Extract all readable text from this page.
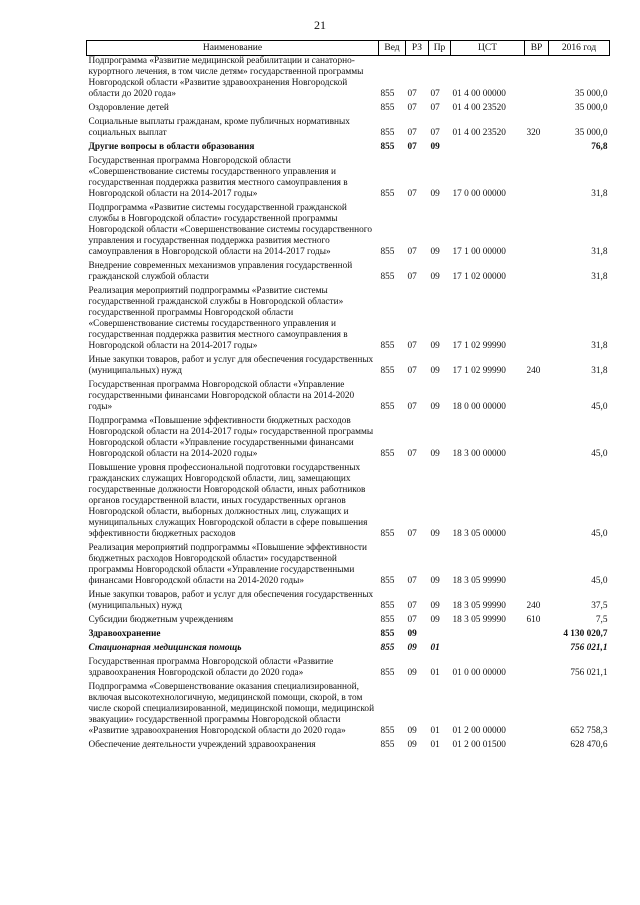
21
Наименование	Вед	РЗ	Пр	ЦСТ	ВР	2016 год
Подпрограмма «Развитие медицинской реабилитации и санаторно-курортного лечения, в том числе детям» государственной программы Новгородской области «Развитие здравоохранения Новгородской области до 2020 года»	855	07	07	01 4 00 00000		35 000,0
Оздоровление детей	855	07	07	01 4 00 23520		35 000,0
Социальные выплаты гражданам, кроме публичных нормативных социальных выплат	855	07	07	01 4 00 23520	320	35 000,0
Другие вопросы в области образования	855	07	09			76,8
Государственная программа Новгородской области «Совершенствование системы государственного управления и государственная поддержка развития местного самоуправления в Новгородской области на 2014-2017 годы»	855	07	09	17 0 00 00000		31,8
Подпрограмма «Развитие системы государственной гражданской службы в Новгородской области» государственной программы Новгородской области «Совершенствование системы государственного управления и государственная поддержка развития местного самоуправления в Новгородской области на 2014-2017 годы»	855	07	09	17 1 00 00000		31,8
Внедрение современных механизмов управления государственной гражданской службой области	855	07	09	17 1 02 00000		31,8
Реализация мероприятий подпрограммы «Развитие системы государственной гражданской службы в Новгородской области» государственной программы Новгородской области «Совершенствование системы государственного управления и государственная поддержка развития местного самоуправления в Новгородской области на 2014-2017 годы»	855	07	09	17 1 02 99990		31,8
Иные закупки товаров, работ и услуг для обеспечения государственных (муниципальных) нужд	855	07	09	17 1 02 99990	240	31,8
Государственная программа Новгородской области «Управление государственными финансами Новгородской области на 2014-2020 годы»	855	07	09	18 0 00 00000		45,0
Подпрограмма «Повышение эффективности бюджетных расходов Новгородской области на 2014-2017 годы» государственной программы Новгородской области «Управление государственными финансами Новгородской области на 2014-2020 годы»	855	07	09	18 3 00 00000		45,0
Повышение уровня профессиональной подготовки государственных гражданских служащих Новгородской области, лиц, замещающих государственные должности Новгородской области, иных работников органов государственной власти, иных государственных органов Новгородской области, выборных должностных лиц, служащих и муниципальных служащих Новгородской области в сфере повышения эффективности бюджетных расходов	855	07	09	18 3 05 00000		45,0
Реализация мероприятий подпрограммы «Повышение эффективности бюджетных расходов Новгородской области» государственной программы Новгородской области «Управление государственными финансами Новгородской области на 2014-2020 годы»	855	07	09	18 3 05 99990		45,0
Иные закупки товаров, работ и услуг для обеспечения государственных (муниципальных) нужд	855	07	09	18 3 05 99990	240	37,5
Субсидии бюджетным учреждениям	855	07	09	18 3 05 99990	610	7,5
Здравоохранение	855	09				4 130 020,7
Стационарная медицинская помощь	855	09	01			756 021,1
Государственная программа Новгородской области «Развитие здравоохранения Новгородской области до 2020 года»	855	09	01	01 0 00 00000		756 021,1
Подпрограмма «Совершенствование оказания специализированной, включая высокотехнологичную, медицинской помощи, скорой, в том числе скорой специализированной, медицинской помощи, медицинской эвакуации» государственной программы Новгородской области «Развитие здравоохранения Новгородской области до 2020 года»	855	09	01	01 2 00 00000		652 758,3
Обеспечение деятельности учреждений здравоохранения	855	09	01	01 2 00 01500		628 470,6
